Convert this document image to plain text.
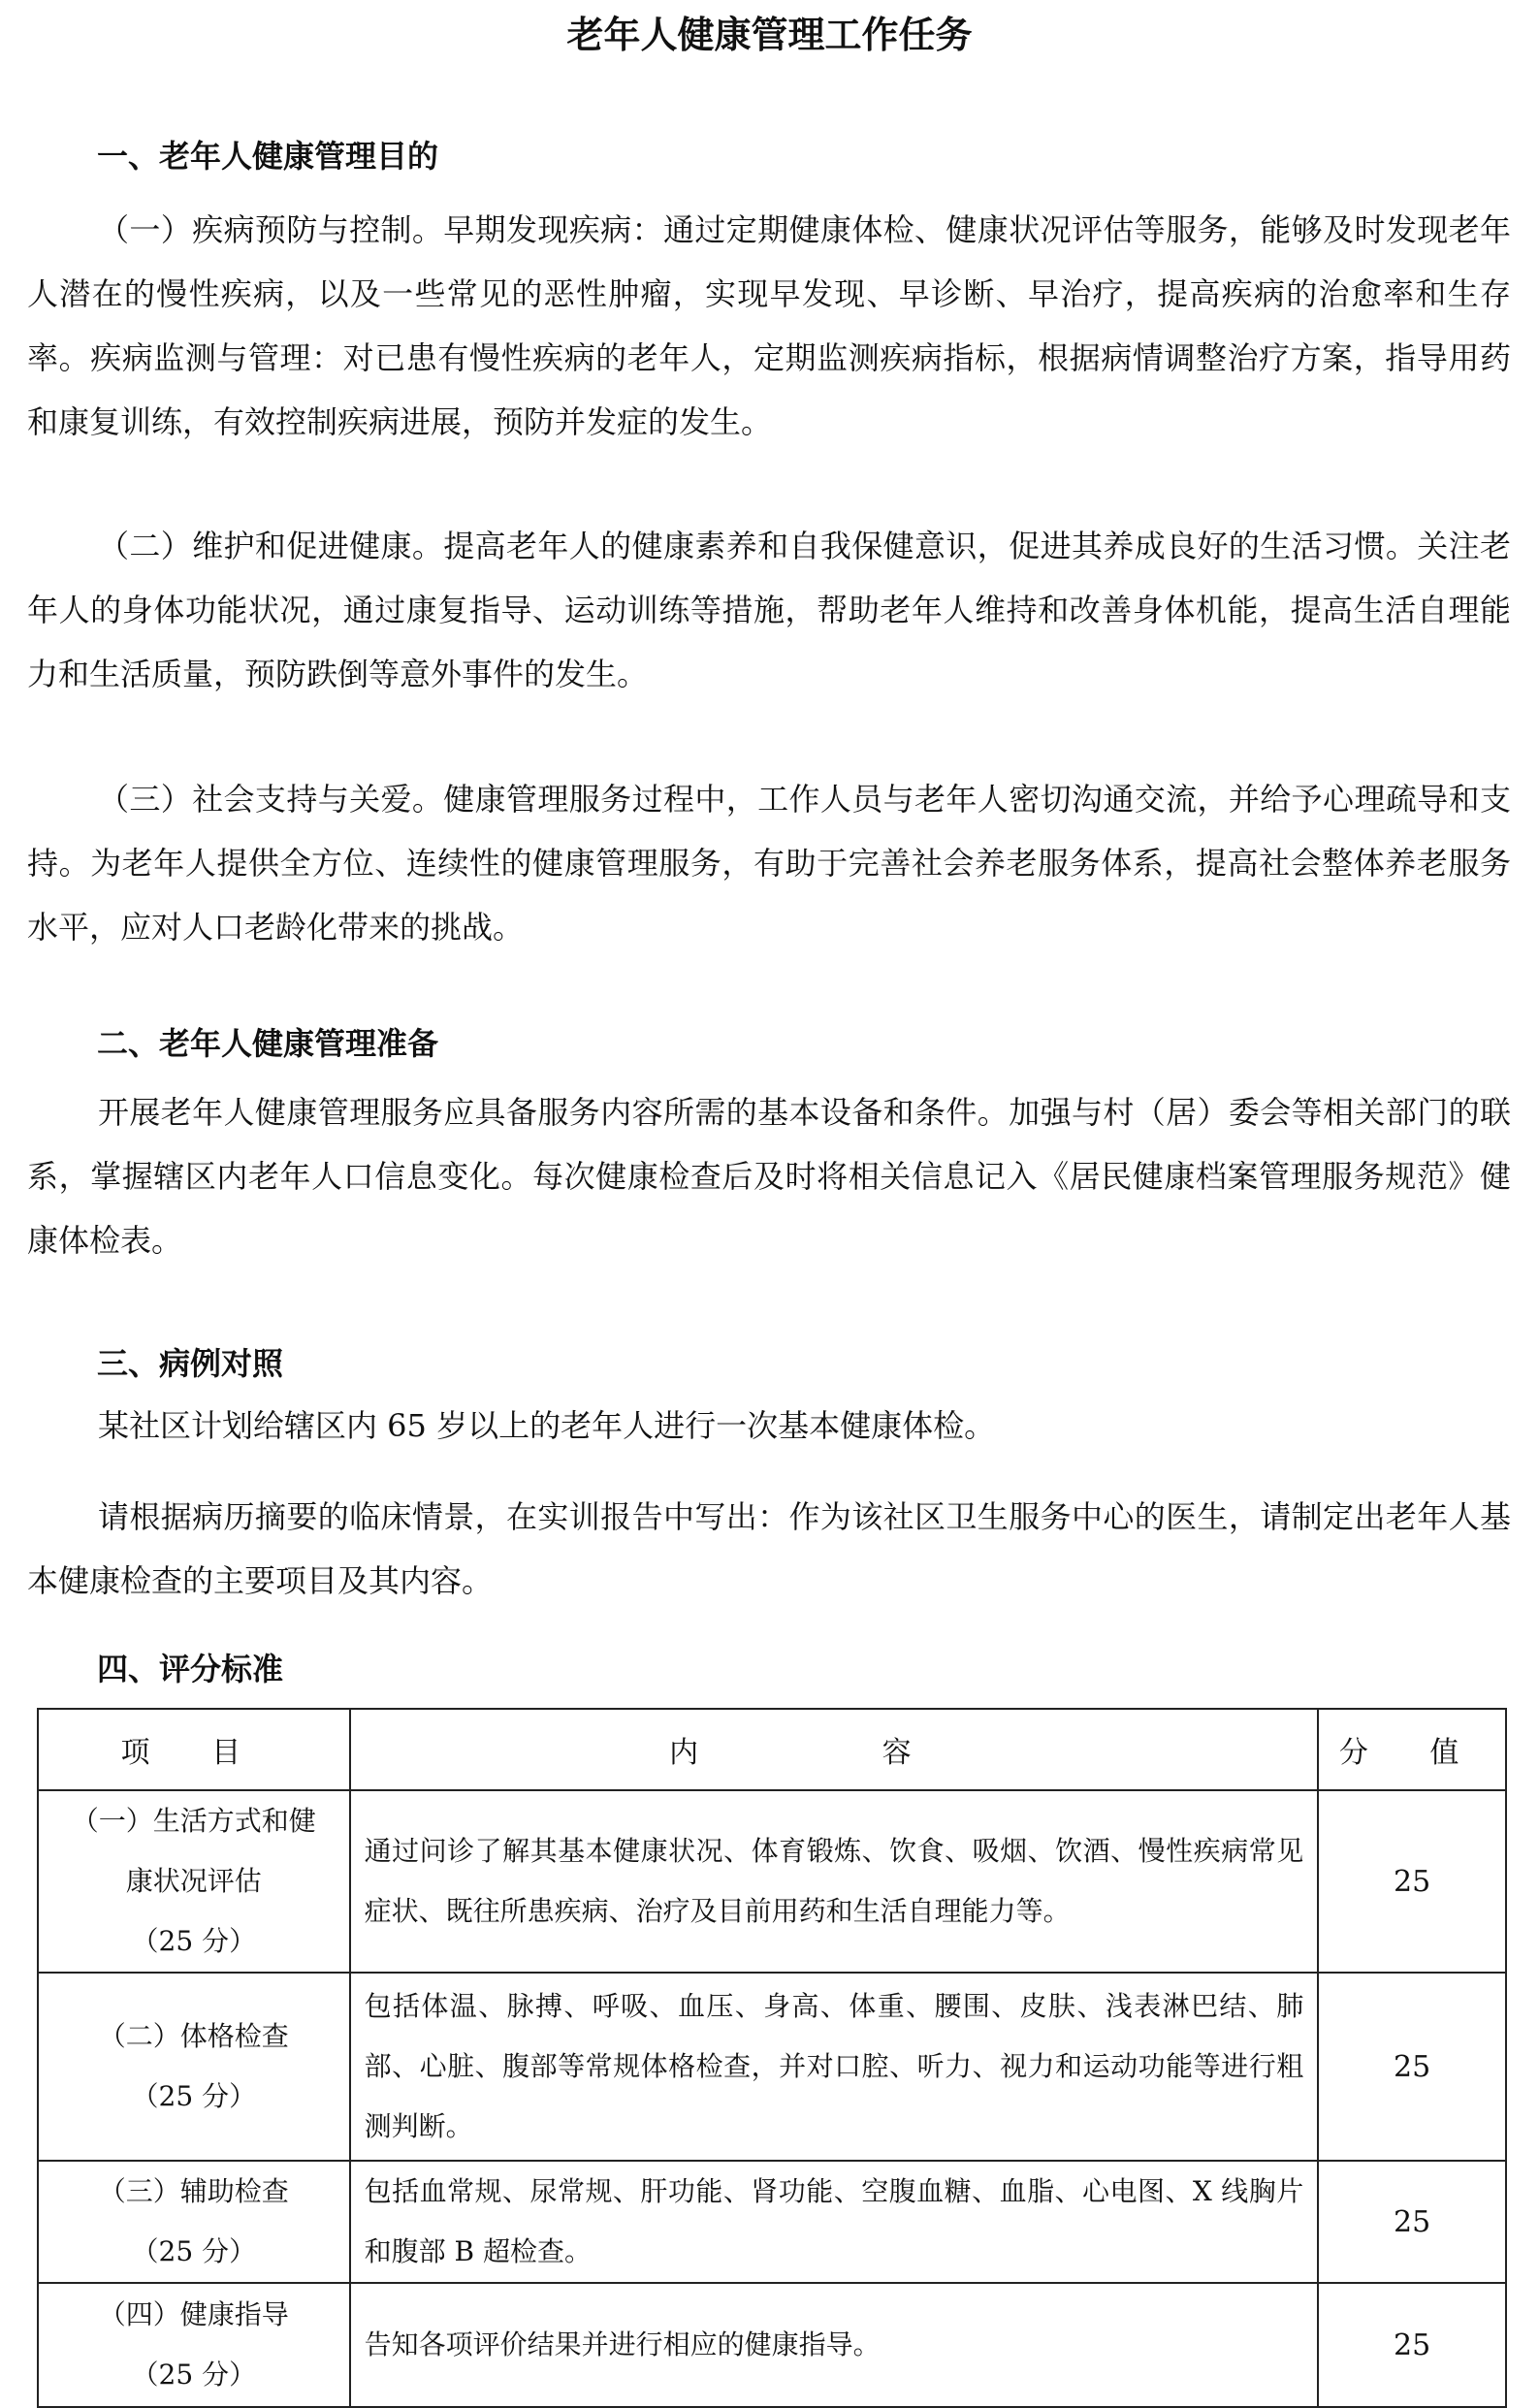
老年人健康管理工作任务
一、老年人健康管理目的

（一）疾病预防与控制。早期发现疾病：通过定期健康体检、健康状况评估等服务，能够及时发现老年人潜在的慢性疾病，以及一些常见的恶性肿瘤，实现早发现、早诊断、早治疗，提高疾病的治愈率和生存率。疾病监测与管理：对已患有慢性疾病的老年人，定期监测疾病指标，根据病情调整治疗方案，指导用药和康复训练，有效控制疾病进展，预防并发症的发生。

（二）维护和促进健康。提高老年人的健康素养和自我保健意识，促进其养成良好的生活习惯。关注老年人的身体功能状况，通过康复指导、运动训练等措施，帮助老年人维持和改善身体机能，提高生活自理能力和生活质量，预防跌倒等意外事件的发生。

（三）社会支持与关爱。健康管理服务过程中，工作人员与老年人密切沟通交流，并给予心理疏导和支持。为老年人提供全方位、连续性的健康管理服务，有助于完善社会养老服务体系，提高社会整体养老服务水平，应对人口老龄化带来的挑战。

二、老年人健康管理准备

开展老年人健康管理服务应具备服务内容所需的基本设备和条件。加强与村（居）委会等相关部门的联系，掌握辖区内老年人口信息变化。每次健康检查后及时将相关信息记入《居民健康档案管理服务规范》健康体检表。

三、病例对照
某社区计划给辖区内 65 岁以上的老年人进行一次基本健康体检。

请根据病历摘要的临床情景，在实训报告中写出：作为该社区卫生服务中心的医生，请制定出老年人基本健康检查的主要项目及其内容。

四、评分标准
项 目	内 容	分 值

（一）生活方式和健
康状况评估
（25 分）	通过问诊了解其基本健康状况、体育锻炼、饮食、吸烟、饮酒、慢性疾病常见症状、既往所患疾病、治疗及目前用药和生活自理能力等。	25

（二）体格检查
（25 分）	包括体温、脉搏、呼吸、血压、身高、体重、腰围、皮肤、浅表淋巴结、肺部、心脏、腹部等常规体格检查，并对口腔、听力、视力和运动功能等进行粗测判断。	25

（三）辅助检查
（25 分）	包括血常规、尿常规、肝功能、肾功能、空腹血糖、血脂、心电图、X 线胸片和腹部 B 超检查。	25

（四）健康指导
（25 分）	告知各项评价结果并进行相应的健康指导。	25
